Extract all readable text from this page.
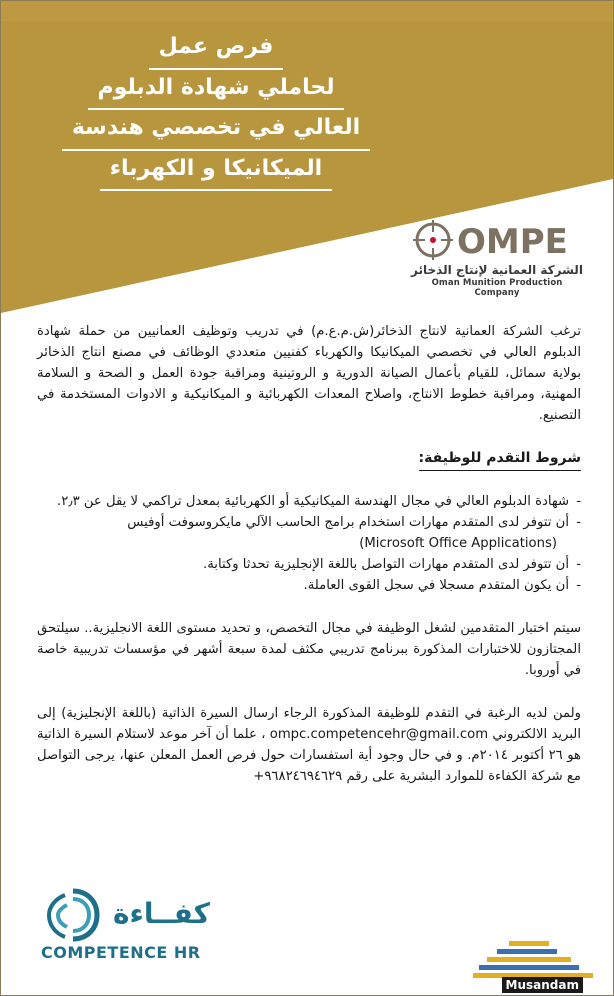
فرص عمل
لحاملي شهادة الدبلوم
العالي في تخصصي هندسة
الميكانيكا و الكهرباء
OMPE
الشركة العمانية لإنتاج الذخائر
Oman Munition Production Company

ترغب الشركة العمانية لانتاج الذخائر(ش.م.ع.م) في تدريب وتوظيف العمانيين من حملة شهادة الدبلوم العالي في تخصصي الميكانيكا والكهرباء كفنيين متعددي الوظائف في مصنع انتاج الذخائر بولاية سمائل، للقيام بأعمال الصيانة الدورية و الروتينية ومراقبة جودة العمل و الصحة و السلامة المهنية، ومراقبة خطوط الانتاج، واصلاح المعدات الكهربائية و الميكانيكية و الادوات المستخدمة في التصنيع.

شروط التقدم للوظيفة:
- شهادة الدبلوم العالي في مجال الهندسة الميكانيكية أو الكهربائية بمعدل تراكمي لا يقل عن ٢٫٣.
- أن تتوفر لدى المتقدم مهارات استخدام برامج الحاسب الآلي مايكروسوفت أوفيس
(Microsoft Office Applications)
- أن تتوفر لدى المتقدم مهارات التواصل باللغة الإنجليزية تحدثا وكتابة.
- أن يكون المتقدم مسجلا في سجل القوى العاملة.

سيتم اختبار المتقدمين لشغل الوظيفة في مجال التخصص، و تحديد مستوى اللغة الانجليزية.. سيلتحق المجتازون للاختبارات المذكورة ببرنامج تدريبي مكثف لمدة سبعة أشهر في مؤسسات تدريبية خاصة في أوروبا.

ولمن لديه الرغبة في التقدم للوظيفة المذكورة الرجاء ارسال السيرة الذاتية (باللغة الإنجليزية) إلى البريد الالكتروني ompc.competencehr@gmail.com ، علما أن آخر موعد لاستلام السيرة الذاتية هو ٢٦ أكتوبر ٢٠١٤م. و في حال وجود أية استفسارات حول فرص العمل المعلن عنها، يرجى التواصل مع شركة الكفاءة للموارد البشرية على رقم ٩٦٨٢٤٦٩٤٦٢٩+

كفــاءة
COMPETENCE HR
Musandam
